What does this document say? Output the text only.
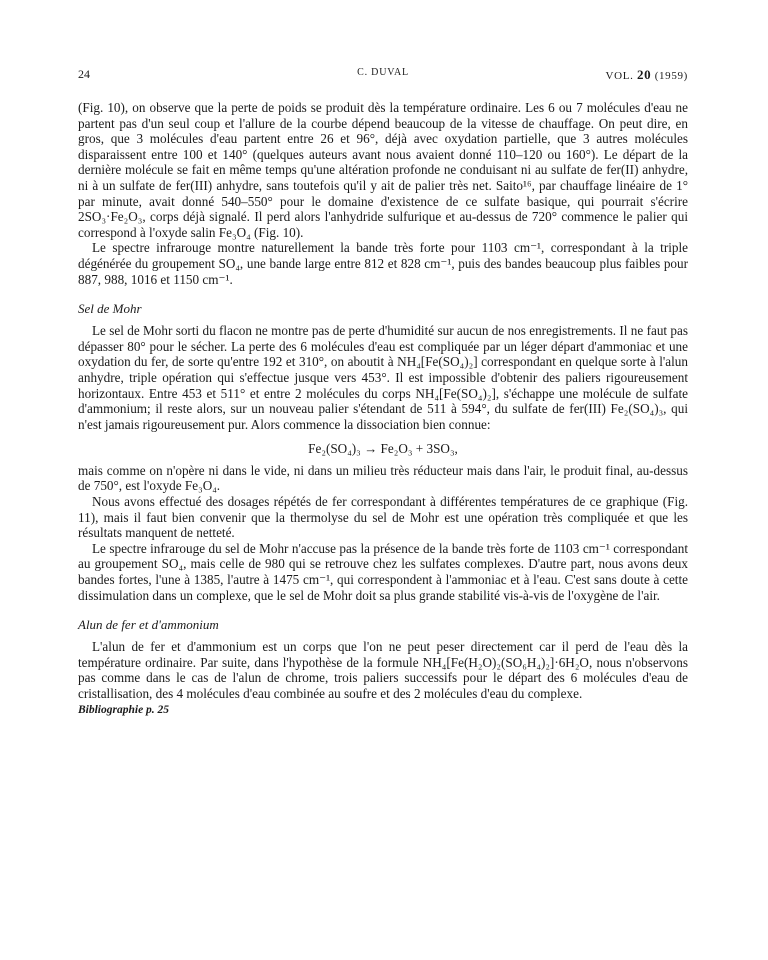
24	C. DUVAL	VOL. 20 (1959)

(Fig. 10), on observe que la perte de poids se produit dès la température ordinaire. Les 6 ou 7 molécules d'eau ne partent pas d'un seul coup et l'allure de la courbe dépend beaucoup de la vitesse de chauffage. On peut dire, en gros, que 3 molécules d'eau partent entre 26 et 96°, déjà avec oxydation partielle, que 3 autres molécules disparaissent entre 100 et 140° (quelques auteurs avant nous avaient donné 110–120 ou 160°). Le départ de la dernière molécule se fait en même temps qu'une altération profonde ne conduisant ni au sulfate de fer(II) anhydre, ni à un sulfate de fer(III) anhydre, sans toutefois qu'il y ait de palier très net. Saito¹⁶, par chauffage linéaire de 1° par minute, avait donné 540–550° pour le domaine d'existence de ce sulfate basique, qui pourrait s'écrire 2SO₃·Fe₂O₃, corps déjà signalé. Il perd alors l'anhydride sulfurique et au-dessus de 720° commence le palier qui correspond à l'oxyde salin Fe₃O₄ (Fig. 10).

Le spectre infrarouge montre naturellement la bande très forte pour 1103 cm⁻¹, correspondant à la triple dégénérée du groupement SO₄, une bande large entre 812 et 828 cm⁻¹, puis des bandes beaucoup plus faibles pour 887, 988, 1016 et 1150 cm⁻¹.

Sel de Mohr

Le sel de Mohr sorti du flacon ne montre pas de perte d'humidité sur aucun de nos enregistrements. Il ne faut pas dépasser 80° pour le sécher. La perte des 6 molécules d'eau est compliquée par un léger départ d'ammoniac et une oxydation du fer, de sorte qu'entre 192 et 310°, on aboutit à NH₄[Fe(SO₄)₂] correspondant en quelque sorte à l'alun anhydre, triple opération qui s'effectue jusque vers 453°. Il est impossible d'obtenir des paliers rigoureusement horizontaux. Entre 453 et 511° et entre 2 molécules du corps NH₄[Fe(SO₄)₂], s'échappe une molécule de sulfate d'ammonium; il reste alors, sur un nouveau palier s'étendant de 511 à 594°, du sulfate de fer(III) Fe₂(SO₄)₃, qui n'est jamais rigoureusement pur. Alors commence la dissociation bien connue:

Fe₂(SO₄)₃ → Fe₂O₃ + 3SO₃,

mais comme on n'opère ni dans le vide, ni dans un milieu très réducteur mais dans l'air, le produit final, au-dessus de 750°, est l'oxyde Fe₃O₄.

Nous avons effectué des dosages répétés de fer correspondant à différentes températures de ce graphique (Fig. 11), mais il faut bien convenir que la thermolyse du sel de Mohr est une opération très compliquée et que les résultats manquent de netteté.

Le spectre infrarouge du sel de Mohr n'accuse pas la présence de la bande très forte de 1103 cm⁻¹ correspondant au groupement SO₄, mais celle de 980 qui se retrouve chez les sulfates complexes. D'autre part, nous avons deux bandes fortes, l'une à 1385, l'autre à 1475 cm⁻¹, qui correspondent à l'ammoniac et à l'eau. C'est sans doute à cette dissimulation dans un complexe, que le sel de Mohr doit sa plus grande stabilité vis-à-vis de l'oxygène de l'air.

Alun de fer et d'ammonium

L'alun de fer et d'ammonium est un corps que l'on ne peut peser directement car il perd de l'eau dès la température ordinaire. Par suite, dans l'hypothèse de la formule NH₄[Fe(H₂O)₂(SO₆H₄)₂]·6H₂O, nous n'observons pas comme dans le cas de l'alun de chrome, trois paliers successifs pour le départ des 6 molécules d'eau de cristallisation, des 4 molécules d'eau combinée au soufre et des 2 molécules d'eau du complexe.

Bibliographie p. 25
